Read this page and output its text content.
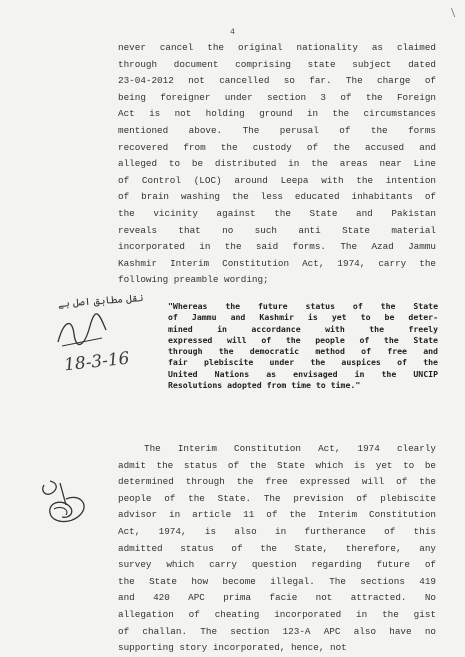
\
4
never cancel the original nationality as claimed
through document comprising state subject dated
23-04-2012 not cancelled so far. The charge of
being foreigner under section 3 of the Foreign
Act is not holding ground in the circumstances
mentioned above. The perusal of the forms
recovered from the custody of the accused and
alleged to be distributed in the areas near Line
of Control (LOC) around Leepa with the intention
of brain washing the less educated inhabitants of
the vicinity against the State and Pakistan
reveals that no such anti State material
incorporated in the said forms. The Azad Jammu
Kashmir Interim Constitution Act, 1974, carry the
following preamble wording;
"Whereas the future status of the State
of Jammu and Kashmir is yet to be deter-
mined in accordance with the freely
expressed will of the people of the State
through the democratic method of free and
fair plebiscite under the auspices of the
United Nations as envisaged in the UNCIP
Resolutions adopted from time to time."
The Interim Constitution Act, 1974 clearly
admit the status of the State which is yet to be
determined through the free expressed will of the
people of the State. The prevision of plebiscite
advisor in article 11 of the Interim Constitution
Act, 1974, is also in furtherance of this
admitted status of the State, therefore, any
survey which carry question regarding future of
the State how become illegal. The sections 419
and 420 APC prima facie not attracted. No
allegation of cheating incorporated in the gist
of challan. The section 123-A APC also have no
supporting story incorporated, hence, not
نقل مطابق اصل ہے
18-3-16
